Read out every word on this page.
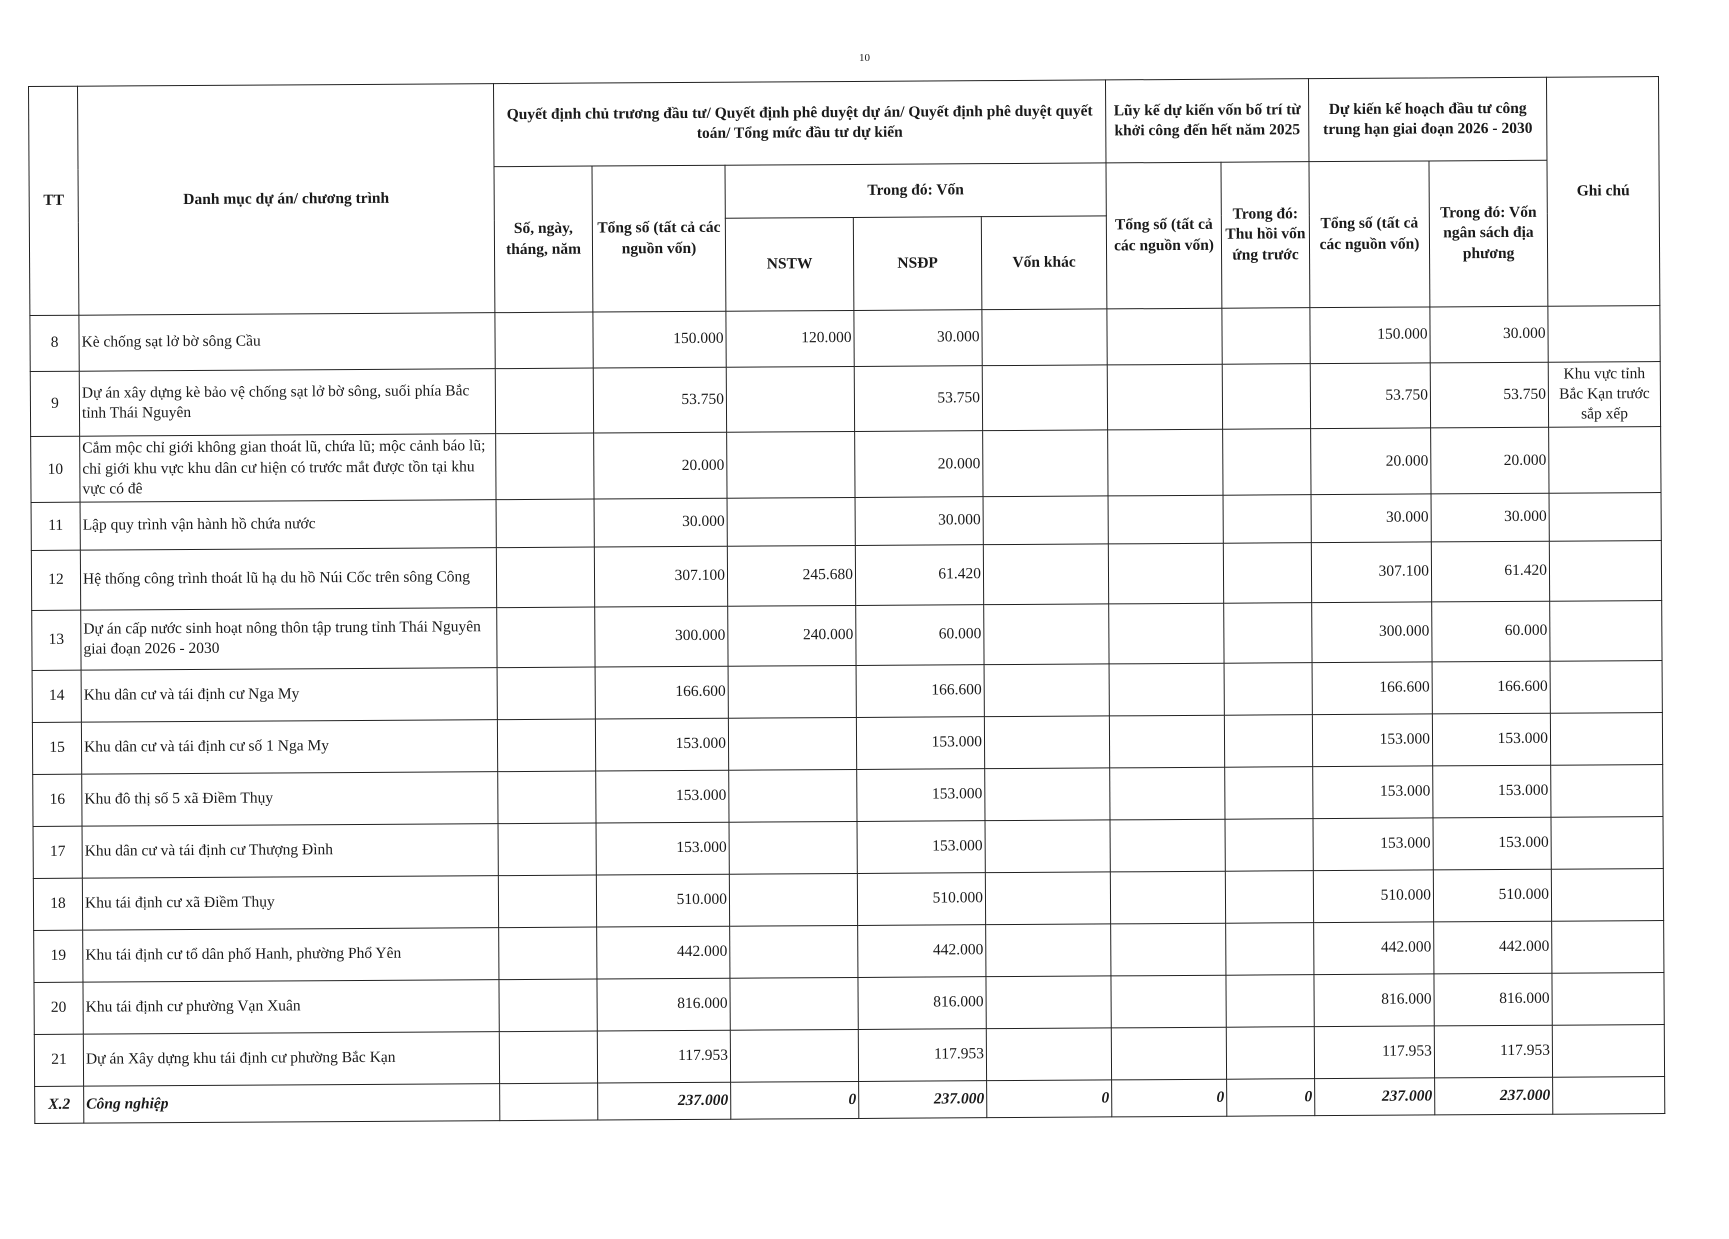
10
TT	Danh mục dự án/ chương trình	Quyết định chủ trương đầu tư/ Quyết định phê duyệt dự án/ Quyết định phê duyệt quyết toán/ Tổng mức đầu tư dự kiến					Lũy kế dự kiến vốn bố trí từ khởi công đến hết năm 2025		Dự kiến kế hoạch đầu tư công trung hạn giai đoạn 2026 - 2030		Ghi chú
		Số, ngày, tháng, năm	Tổng số (tất cả các nguồn vốn)	Trong đó: Vốn			Tổng số (tất cả các nguồn vốn)	Trong đó: Thu hồi vốn ứng trước	Tổng số (tất cả các nguồn vốn)	Trong đó: Vốn ngân sách địa phương	
				NSTW	NSĐP	Vốn khác					
8	Kè chống sạt lở bờ sông Cầu		150.000	120.000	30.000				150.000	30.000	
9	Dự án xây dựng kè bảo vệ chống sạt lở bờ sông, suối phía Bắc tỉnh Thái Nguyên		53.750		53.750				53.750	53.750	Khu vực tỉnh Bắc Kạn trước sắp xếp
10	Cắm mộc chỉ giới không gian thoát lũ, chứa lũ; mộc cảnh báo lũ; chỉ giới khu vực khu dân cư hiện có trước mắt được tồn tại khu vực có đê		20.000		20.000				20.000	20.000	
11	Lập quy trình vận hành hồ chứa nước		30.000		30.000				30.000	30.000	
12	Hệ thống công trình thoát lũ hạ du hồ Núi Cốc trên sông Công		307.100	245.680	61.420				307.100	61.420	
13	Dự án cấp nước sinh hoạt nông thôn tập trung tỉnh Thái Nguyên giai đoạn 2026 - 2030		300.000	240.000	60.000				300.000	60.000	
14	Khu dân cư và tái định cư Nga My		166.600		166.600				166.600	166.600	
15	Khu dân cư và tái định cư số 1 Nga My		153.000		153.000				153.000	153.000	
16	Khu đô thị số 5 xã Điềm Thụy		153.000		153.000				153.000	153.000	
17	Khu dân cư và tái định cư Thượng Đình		153.000		153.000				153.000	153.000	
18	Khu tái định cư xã Điềm Thụy		510.000		510.000				510.000	510.000	
19	Khu tái định cư tổ dân phố Hanh, phường Phổ Yên		442.000		442.000				442.000	442.000	
20	Khu tái định cư phường Vạn Xuân		816.000		816.000				816.000	816.000	
21	Dự án Xây dựng khu tái định cư phường Bắc Kạn		117.953		117.953				117.953	117.953	
X.2	Công nghiệp		237.000	0	237.000	0	0	0	237.000	237.000	
